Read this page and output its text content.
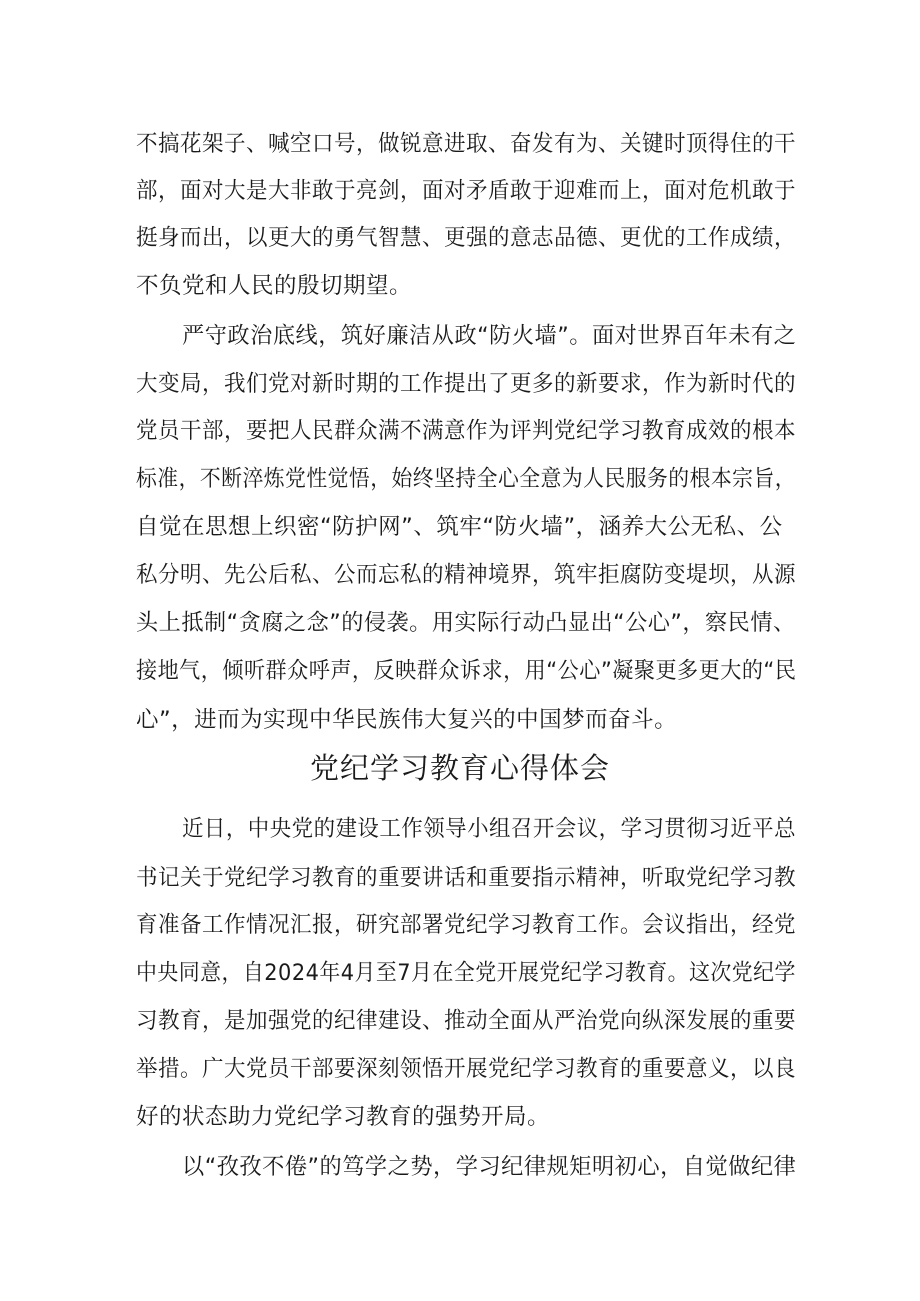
不搞花架子、喊空口号，做锐意进取、奋发有为、关键时顶得住的干
部，面对大是大非敢于亮剑，面对矛盾敢于迎难而上，面对危机敢于
挺身而出，以更大的勇气智慧、更强的意志品德、更优的工作成绩，
不负党和人民的殷切期望。
严守政治底线，筑好廉洁从政“防火墙”。面对世界百年未有之
大变局，我们党对新时期的工作提出了更多的新要求，作为新时代的
党员干部，要把人民群众满不满意作为评判党纪学习教育成效的根本
标准，不断淬炼党性觉悟，始终坚持全心全意为人民服务的根本宗旨，
自觉在思想上织密“防护网”、筑牢“防火墙”，涵养大公无私、公
私分明、先公后私、公而忘私的精神境界，筑牢拒腐防变堤坝，从源
头上抵制“贪腐之念”的侵袭。用实际行动凸显出“公心”，察民情、
接地气，倾听群众呼声，反映群众诉求，用“公心”凝聚更多更大的“民
心”，进而为实现中华民族伟大复兴的中国梦而奋斗。
党纪学习教育心得体会
近日，中央党的建设工作领导小组召开会议，学习贯彻习近平总
书记关于党纪学习教育的重要讲话和重要指示精神，听取党纪学习教
育准备工作情况汇报，研究部署党纪学习教育工作。会议指出，经党
中央同意，自2024年4月至7月在全党开展党纪学习教育。这次党纪学
习教育，是加强党的纪律建设、推动全面从严治党向纵深发展的重要
举措。广大党员干部要深刻领悟开展党纪学习教育的重要意义，以良
好的状态助力党纪学习教育的强势开局。
以“孜孜不倦”的笃学之势，学习纪律规矩明初心，自觉做纪律
